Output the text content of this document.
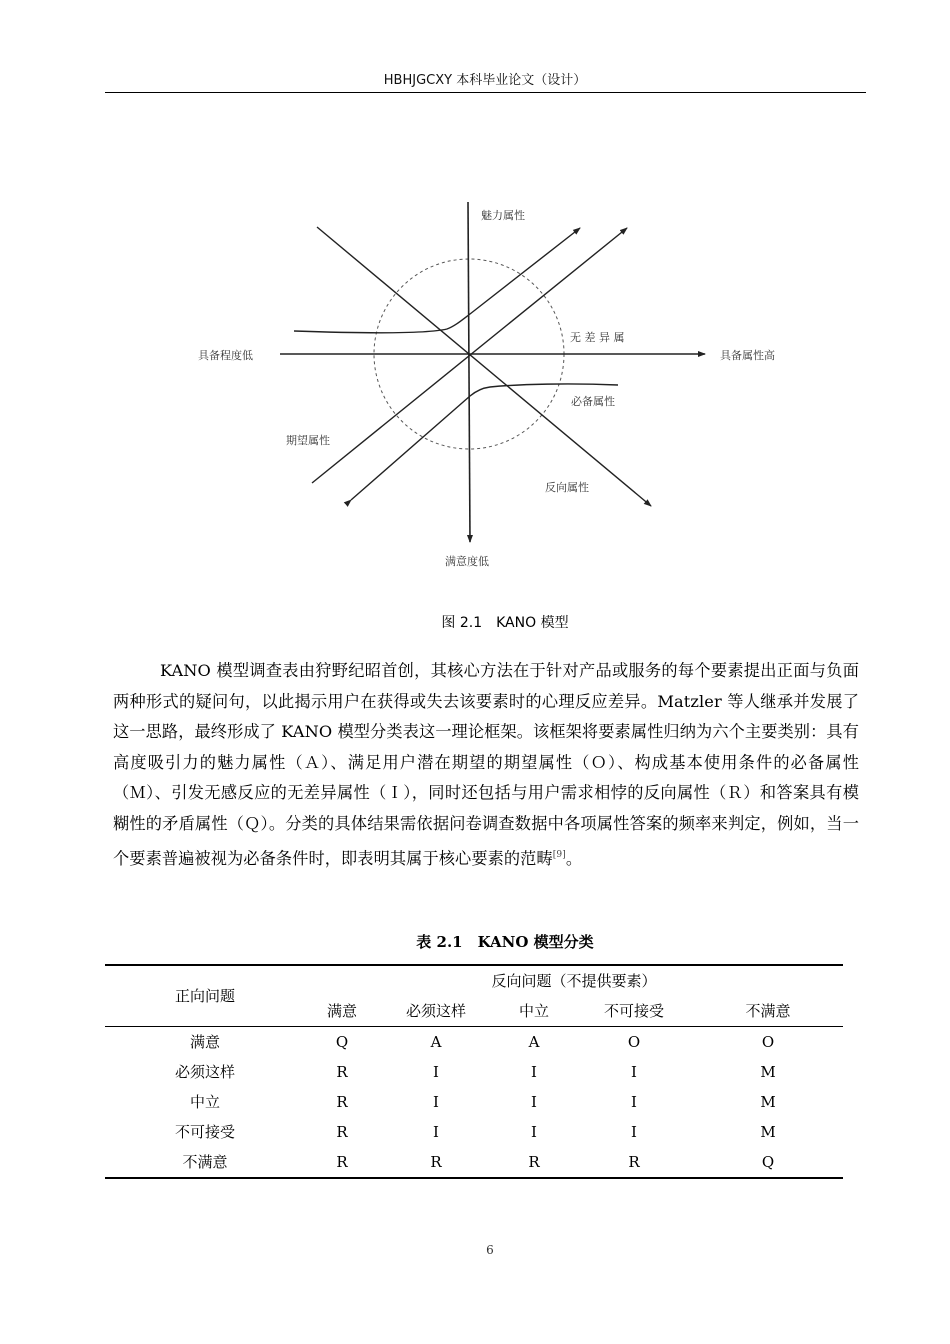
HBHJGCXY 本科毕业论文（设计）
魅力属性
具备程度低	具备属性高
无 差 异 属
必备属性
期望属性
反向属性
满意度低
图 2.1　KANO 模型

KANO 模型调查表由狩野纪昭首创，其核心方法在于针对产品或服务的每个要素提出正面与负面两种形式的疑问句，以此揭示用户在获得或失去该要素时的心理反应差异。Matzler 等人继承并发展了这一思路，最终形成了 KANO 模型分类表这一理论框架。该框架将要素属性归纳为六个主要类别：具有高度吸引力的魅力属性（Ａ）、满足用户潜在期望的期望属性（Ｏ）、构成基本使用条件的必备属性（Ｍ）、引发无感反应的无差异属性（Ｉ），同时还包括与用户需求相悖的反向属性（Ｒ）和答案具有模糊性的矛盾属性（Ｑ）。分类的具体结果需依据问卷调查数据中各项属性答案的频率来判定，例如，当一个要素普遍被视为必备条件时，即表明其属于核心要素的范畴[9]。

表 2.1　KANO 模型分类
正向问题	反向问题（不提供要素）				
	满意	必须这样	中立	不可接受	不满意
满意	Q	A	A	O	O
必须这样	R	I	I	I	M
中立	R	I	I	I	M
不可接受	R	I	I	I	M
不满意	R	R	R	R	Q
6
